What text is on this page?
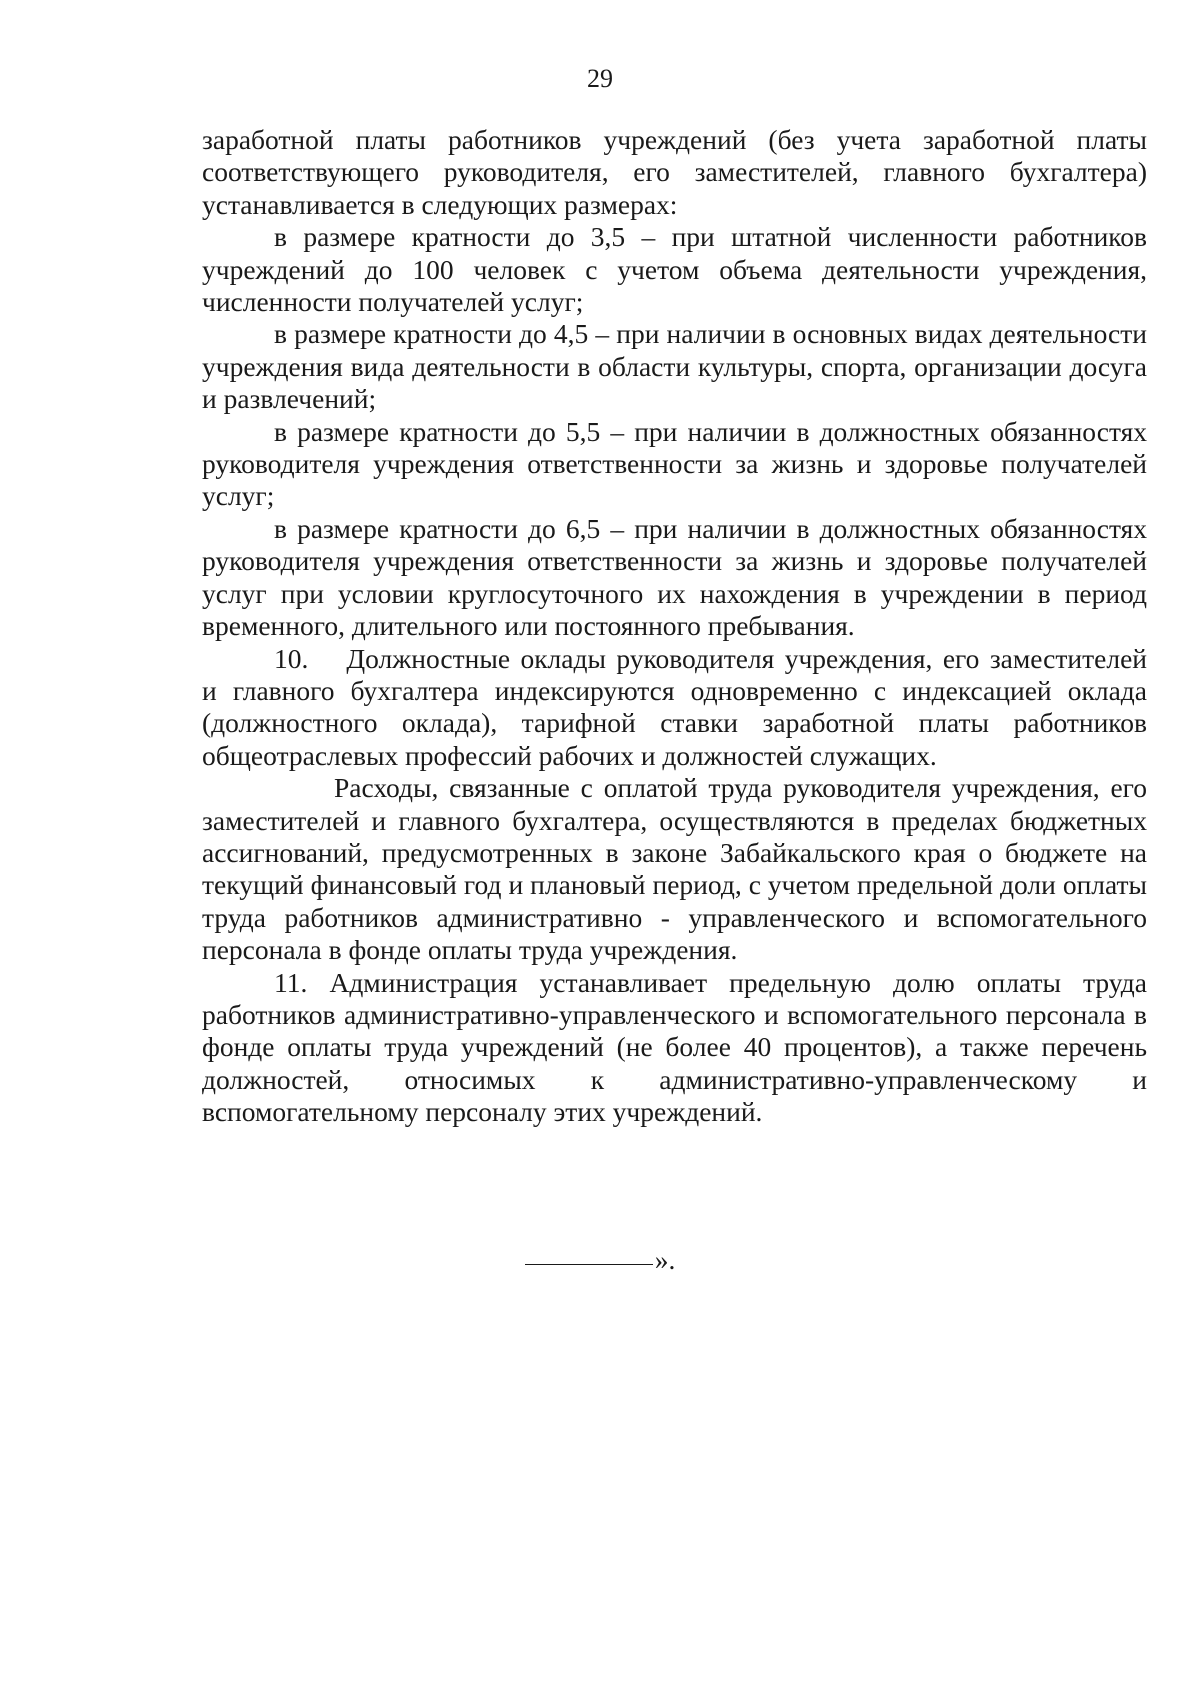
29

заработной платы работников учреждений (без учета заработной платы соответствующего руководителя, его заместителей, главного бухгалтера) устанавливается в следующих размерах:

в размере кратности до 3,5 – при штатной численности работников учреждений до 100 человек с учетом объема деятельности учреждения, численности получателей услуг;

в размере кратности до 4,5 – при наличии в основных видах деятельности учреждения вида деятельности в области культуры, спорта, организации досуга и развлечений;

в размере кратности до 5,5 – при наличии в должностных обязанностях руководителя учреждения ответственности за жизнь и здоровье получателей услуг;

в размере кратности до 6,5 – при наличии в должностных обязанностях руководителя учреждения ответственности за жизнь и здоровье получателей услуг при условии круглосуточного их нахождения в учреждении в период временного, длительного или постоянного пребывания.

10. Должностные оклады руководителя учреждения, его заместителей и главного бухгалтера индексируются одновременно с индексацией оклада (должностного оклада), тарифной ставки заработной платы работников общеотраслевых профессий рабочих и должностей служащих.

Расходы, связанные с оплатой труда руководителя учреждения, его заместителей и главного бухгалтера, осуществляются в пределах бюджетных ассигнований, предусмотренных в законе Забайкальского края о бюджете на текущий финансовый год и плановый период, с учетом предельной доли оплаты труда работников административно - управленческого и вспомогательного персонала в фонде оплаты труда учреждения.

11. Администрация устанавливает предельную долю оплаты труда работников административно-управленческого и вспомогательного персонала в фонде оплаты труда учреждений (не более 40 процентов), а также перечень должностей, относимых к административно-управленческому и вспомогательному персоналу этих учреждений.

».
